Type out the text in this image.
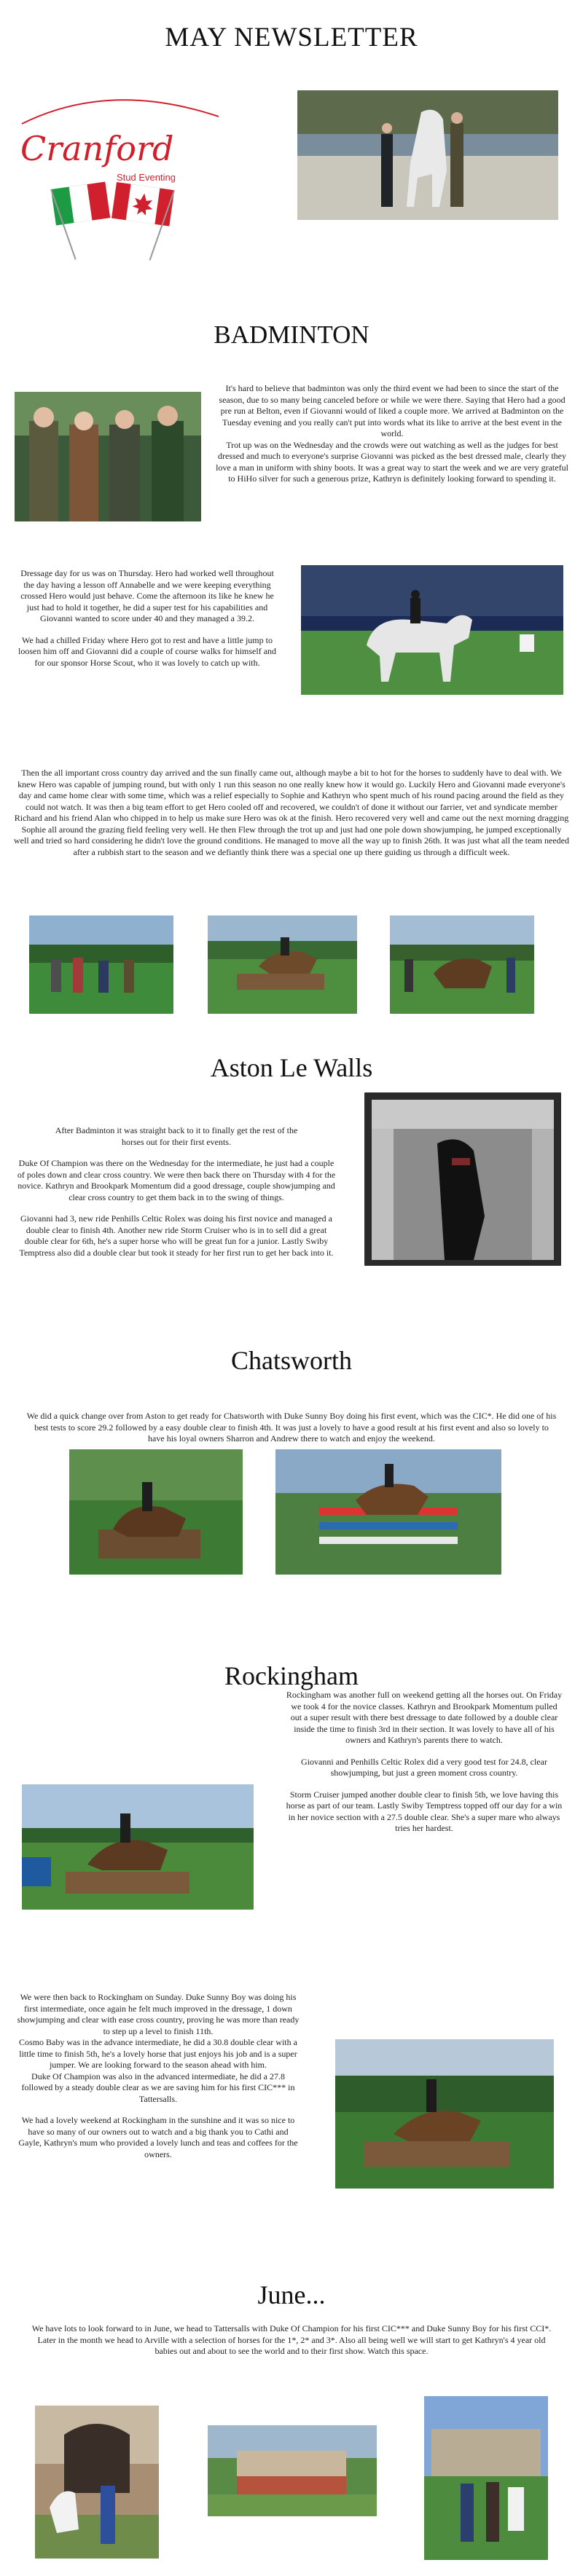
MAY NEWSLETTER
Cranford
Stud Eventing
BADMINTON

It's hard to believe that badminton was only the third event we had been to since the start of the season, due to so many being canceled before or while we were there. Saying that Hero had a good pre run at Belton, even if Giovanni would of liked a couple more. We arrived at Badminton on the Tuesday evening and you really can't put into words what its like to arrive at the best event in the world.

Trot up was on the Wednesday and the crowds were out watching as well as the judges for best dressed and much to everyone's surprise Giovanni was picked as the best dressed male, clearly they love a man in uniform with shiny boots. It was a great way to start the week and we are very grateful to HiHo silver for such a generous prize, Kathryn is definitely looking forward to spending it.

Dressage day for us was on Thursday. Hero had worked well throughout the day having a lesson off Annabelle and we were keeping everything crossed Hero would just behave. Come the afternoon its like he knew he just had to hold it together, he did a super test for his capabilities and Giovanni wanted to score under 40 and they managed a 39.2.

We had a chilled Friday where Hero got to rest and have a little jump to loosen him off and Giovanni did a couple of course walks for himself and for our sponsor Horse Scout, who it was lovely to catch up with.

Then the all important cross country day arrived and the sun finally came out, although maybe a bit to hot for the horses to suddenly have to deal with. We knew Hero was capable of jumping round, but with only 1 run this season no one really knew how it would go. Luckily Hero and Giovanni made everyone's day and came home clear with some time, which was a relief especially to Sophie and Kathryn who spent much of his round pacing around the field as they could not watch. It was then a big team effort to get Hero cooled off and recovered, we couldn't of done it without our farrier, vet and syndicate member Richard and his friend Alan who chipped in to help us make sure Hero was ok at the finish. Hero recovered very well and came out the next morning dragging Sophie all around the grazing field feeling very well. He then Flew through the trot up and just had one pole down showjumping, he jumped exceptionally well and tried so hard considering he didn't love the ground conditions. He managed to move all the way up to finish 26th. It was just what all the team needed after a rubbish start to the season and we defiantly think there was a special one up there guiding us through a difficult week.
Aston Le Walls

After Badminton it was straight back to it to finally get the rest of the horses out for their first events.

Duke Of Champion was there on the Wednesday for the intermediate, he just had a couple of poles down and clear cross country. We were then back there on Thursday with 4 for the novice. Kathryn and Brookpark Momentum did a good dressage, couple showjumping and clear cross country to get them back in to the swing of things.

Giovanni had 3, new ride Penhills Celtic Rolex was doing his first novice and managed a double clear to finish 4th. Another new ride Storm Cruiser who is in to sell did a great double clear for 6th, he's a super horse who will be great fun for a junior. Lastly Swiby Temptress also did a double clear but took it steady for her first run to get her back into it.

Chatsworth
We did a quick change over from Aston to get ready for Chatsworth with Duke Sunny Boy doing his first event, which was the CIC*. He did one of his best tests to score 29.2 followed by a easy double clear to finish 4th. It was just a lovely to have a good result at his first event and also so lovely to have his loyal owners Sharron and Andrew there to watch and enjoy the weekend.
Rockingham

Rockingham was another full on weekend getting all the horses out. On Friday we took 4 for the novice classes. Kathryn and Brookpark Momentum pulled out a super result with there best dressage to date followed by a double clear inside the time to finish 3rd in their section. It was lovely to have all of his owners and Kathryn's parents there to watch.

Giovanni and Penhills Celtic Rolex did a very good test for 24.8, clear showjumping, but just a green moment cross country.

Storm Cruiser jumped another double clear to finish 5th, we love having this horse as part of our team. Lastly Swiby Temptress topped off our day for a win in her novice section with a 27.5 double clear. She's a super mare who always tries her hardest.

We were then back to Rockingham on Sunday. Duke Sunny Boy was doing his first intermediate, once again he felt much improved in the dressage, 1 down showjumping and clear with ease cross country, proving he was more than ready to step up a level to finish 11th.

Cosmo Baby was in the advance intermediate, he did a 30.8 double clear with a little time to finish 5th, he's a lovely horse that just enjoys his job and is a super jumper. We are looking forward to the season ahead with him.

Duke Of Champion was also in the advanced intermediate, he did a 27.8 followed by a steady double clear as we are saving him for his first CIC*** in Tattersalls.

We had a lovely weekend at Rockingham in the sunshine and it was so nice to have so many of our owners out to watch and a big thank you to Cathi and Gayle, Kathryn's mum who provided a lovely lunch and teas and coffees for the owners.

June...
We have lots to look forward to in June, we head to Tattersalls with Duke Of Champion for his first CIC*** and Duke Sunny Boy for his first CCI*. Later in the month we head to Arville with a selection of horses for the 1*, 2* and 3*. Also all being well we will start to get Kathryn's 4 year old babies out and about to see the world and to their first show. Watch this space.
